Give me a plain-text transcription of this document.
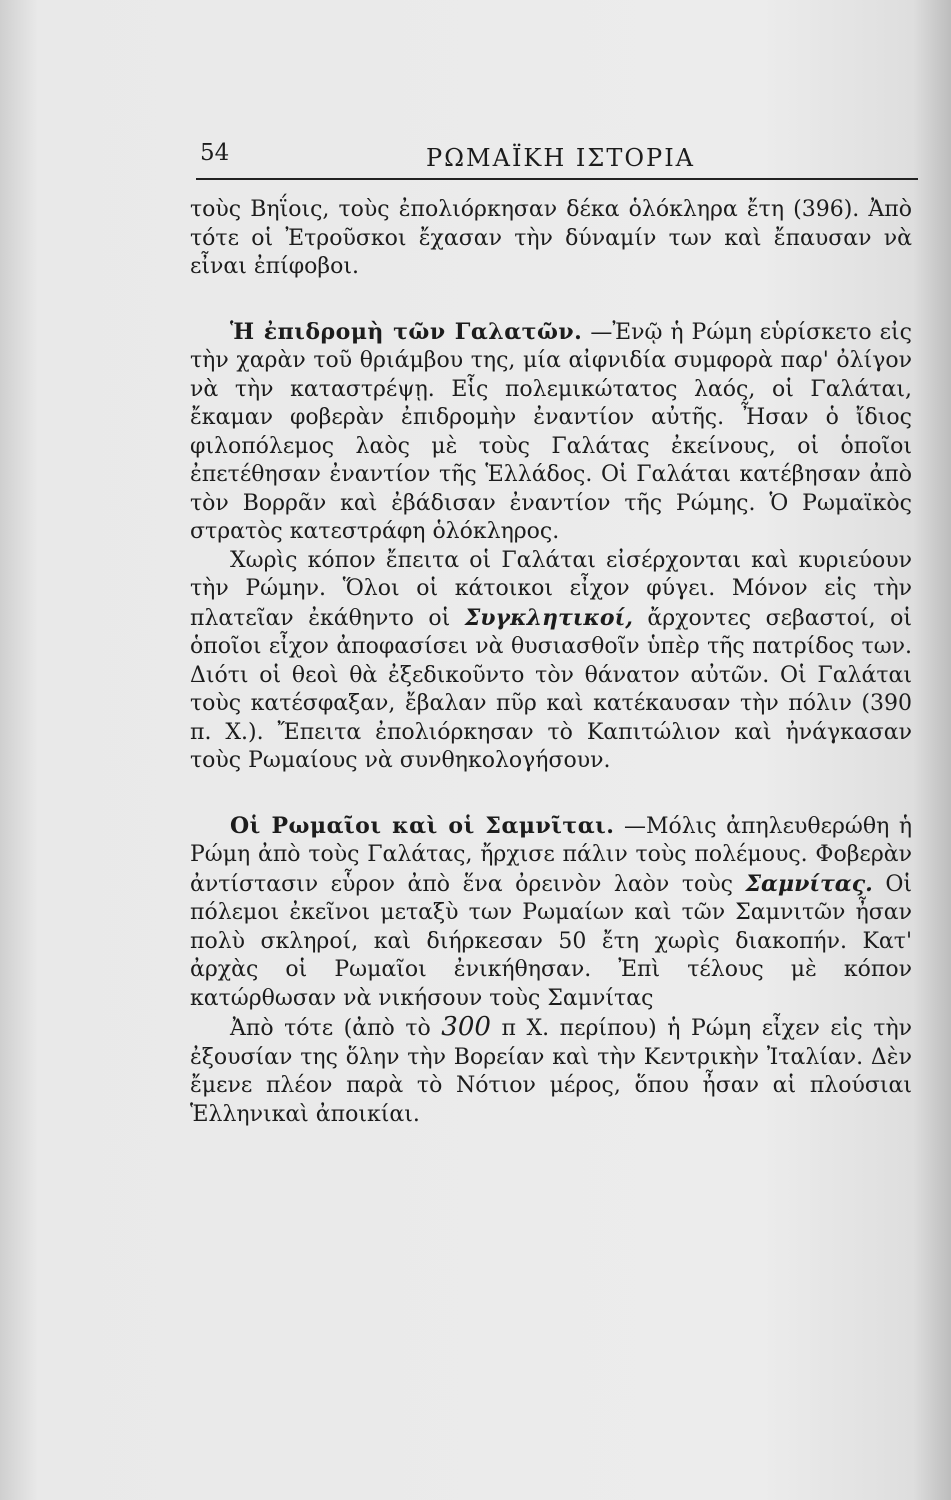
54	ΡΩΜΑΪΚΗ ΙΣΤΟΡΙΑ

τοὺς Βηΐοις, τοὺς ἐπολιόρκησαν δέκα ὁλόκληρα ἔτη (396). Ἀπὸ τότε οἱ Ἐτροῦσκοι ἔχασαν τὴν δύναμίν των καὶ ἔπαυσαν νὰ εἶναι ἐπίφοβοι.

Ἡ ἐπιδρομὴ τῶν Γαλατῶν. —Ἐνῷ ἡ Ρώμη εὑρίσκετο εἰς τὴν χαρὰν τοῦ θριάμβου της, μία αἰφνιδία συμφορὰ παρ' ὀλίγον νὰ τὴν καταστρέψῃ. Εἷς πολεμικώτατος λαός, οἱ Γαλάται, ἔκαμαν φοβερὰν ἐπιδρομὴν ἐναντίον αὐτῆς. Ἦσαν ὁ ἴδιος φιλοπόλεμος λαὸς μὲ τοὺς Γαλάτας ἐκείνους, οἱ ὁποῖοι ἐπετέθησαν ἐναντίον τῆς Ἑλλάδος. Οἱ Γαλάται κατέβησαν ἀπὸ τὸν Βορρᾶν καὶ ἐβάδισαν ἐναντίον τῆς Ρώμης. Ὁ Ρωμαϊκὸς στρατὸς κατεστράφη ὁλόκληρος.

Χωρὶς κόπον ἔπειτα οἱ Γαλάται εἰσέρχονται καὶ κυριεύουν τὴν Ρώμην. Ὅλοι οἱ κάτοικοι εἶχον φύγει. Μόνον εἰς τὴν πλατεῖαν ἐκάθηντο οἱ Συγκλητικοί, ἄρχοντες σεβαστοί, οἱ ὁποῖοι εἶχον ἀποφασίσει νὰ θυσιασθοῖν ὑπὲρ τῆς πατρίδος των. Διότι οἱ θεοὶ θὰ ἐξεδικοῦντο τὸν θάνατον αὐτῶν. Οἱ Γαλάται τοὺς κατέσφαξαν, ἔβαλαν πῦρ καὶ κατέκαυσαν τὴν πόλιν (390 π. Χ.). Ἔπειτα ἐπολιόρκησαν τὸ Καπιτώλιον καὶ ἠνάγκασαν τοὺς Ρωμαίους νὰ συνθηκολογήσουν.

Οἱ Ρωμαῖοι καὶ οἱ Σαμνῖται. —Μόλις ἀπηλευθερώθη ἡ Ρώμη ἀπὸ τοὺς Γαλάτας, ἤρχισε πάλιν τοὺς πολέμους. Φοβερὰν ἀντίστασιν εὗρον ἀπὸ ἕνα ὀρεινὸν λαὸν τοὺς Σαμνίτας. Οἱ πόλεμοι ἐκεῖνοι μεταξὺ των Ρωμαίων καὶ τῶν Σαμνιτῶν ἦσαν πολὺ σκληροί, καὶ διήρκεσαν 50 ἔτη χωρὶς διακοπήν. Κατ' ἀρχὰς οἱ Ρωμαῖοι ἐνικήθησαν. Ἐπὶ τέλους μὲ κόπον κατώρθωσαν νὰ νικήσουν τοὺς Σαμνίτας

Ἀπὸ τότε (ἀπὸ τὸ 300 π Χ. περίπου) ἡ Ρώμη εἶχεν εἰς τὴν ἐξουσίαν της ὅλην τὴν Βορείαν καὶ τὴν Κεντρικὴν Ἰταλίαν. Δὲν ἔμενε πλέον παρὰ τὸ Νότιον μέρος, ὅπου ἦσαν αἱ πλούσιαι Ἑλληνικαὶ ἀποικίαι.
